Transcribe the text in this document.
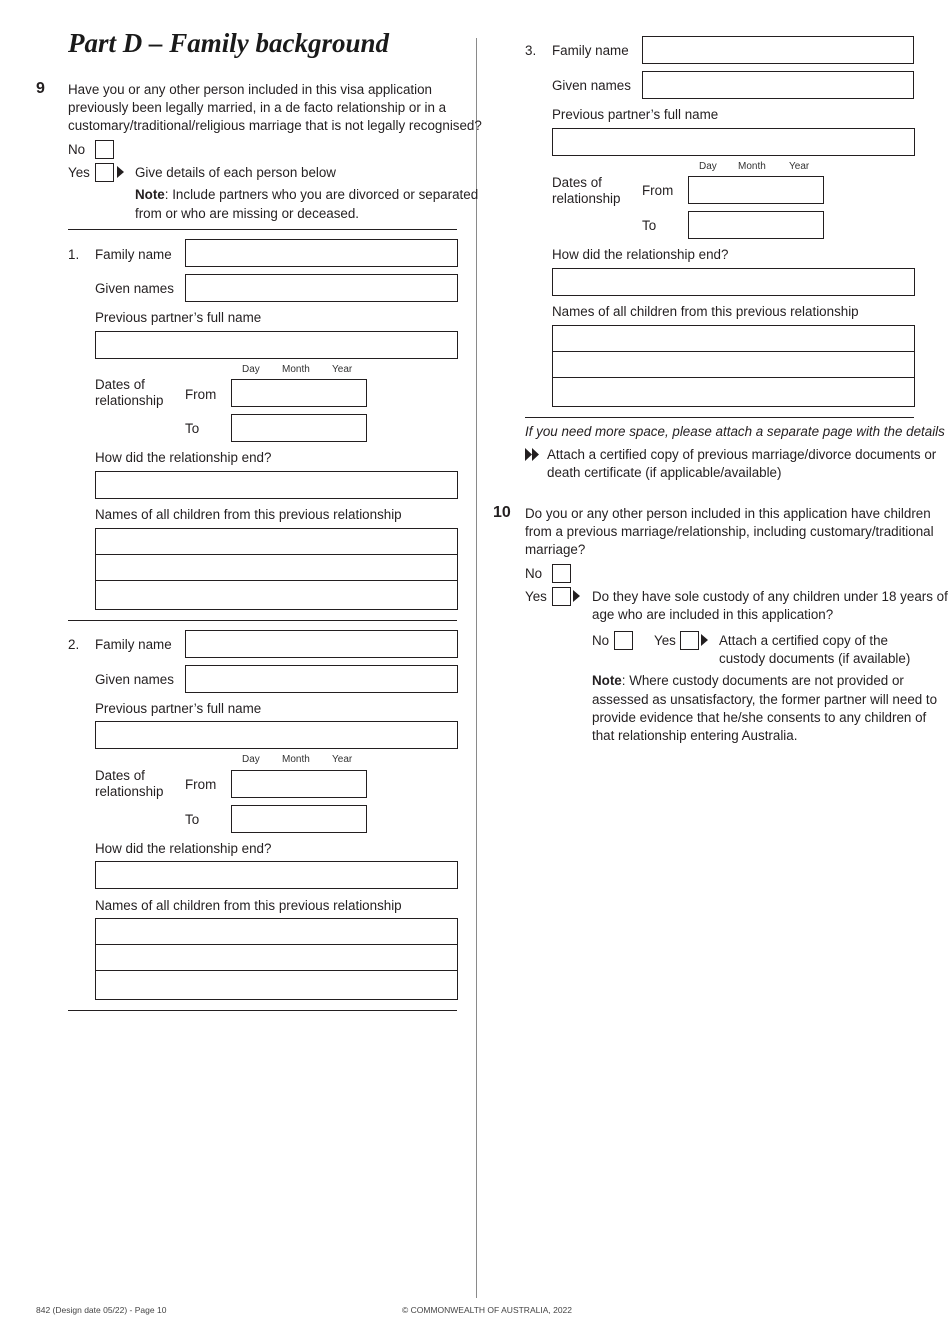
Part D – Family background
9 Have you or any other person included in this visa application
previously been legally married, in a de facto relationship or in a
customary/traditional/religious marriage that is not legally recognised?
No
Yes	Give details of each person below
Note: Include partners who you are divorced or separated
from or who are missing or deceased.
1. Family name
Given names
Previous partner’s full name
Day Month Year
Dates of
relationship From
To
How did the relationship end?
Names of all children from this previous relationship
2. Family name
Given names
Previous partner’s full name
Day Month Year
Dates of
relationship From
To
How did the relationship end?
Names of all children from this previous relationship
3. Family name
Given names
Previous partner’s full name
Day Month Year
Dates of
relationship
From
To
How did the relationship end?
Names of all children from this previous relationship
If you need more space, please attach a separate page with the details
Attach a certified copy of previous marriage/divorce documents or
death certificate (if applicable/available)
10 Do you or any other person included in this application have children
from a previous marriage/relationship, including customary/traditional
marriage?
No
Yes	Do they have sole custody of any children under 18 years of
age who are included in this application?
No	Yes	Attach a certified copy of the
custody documents (if available)
Note: Where custody documents are not provided or
assessed as unsatisfactory, the former partner will need to
provide evidence that he/she consents to any children of
that relationship entering Australia.
842 (Design date 05/22) - Page 10	© COMMONWEALTH OF AUSTRALIA, 2022
